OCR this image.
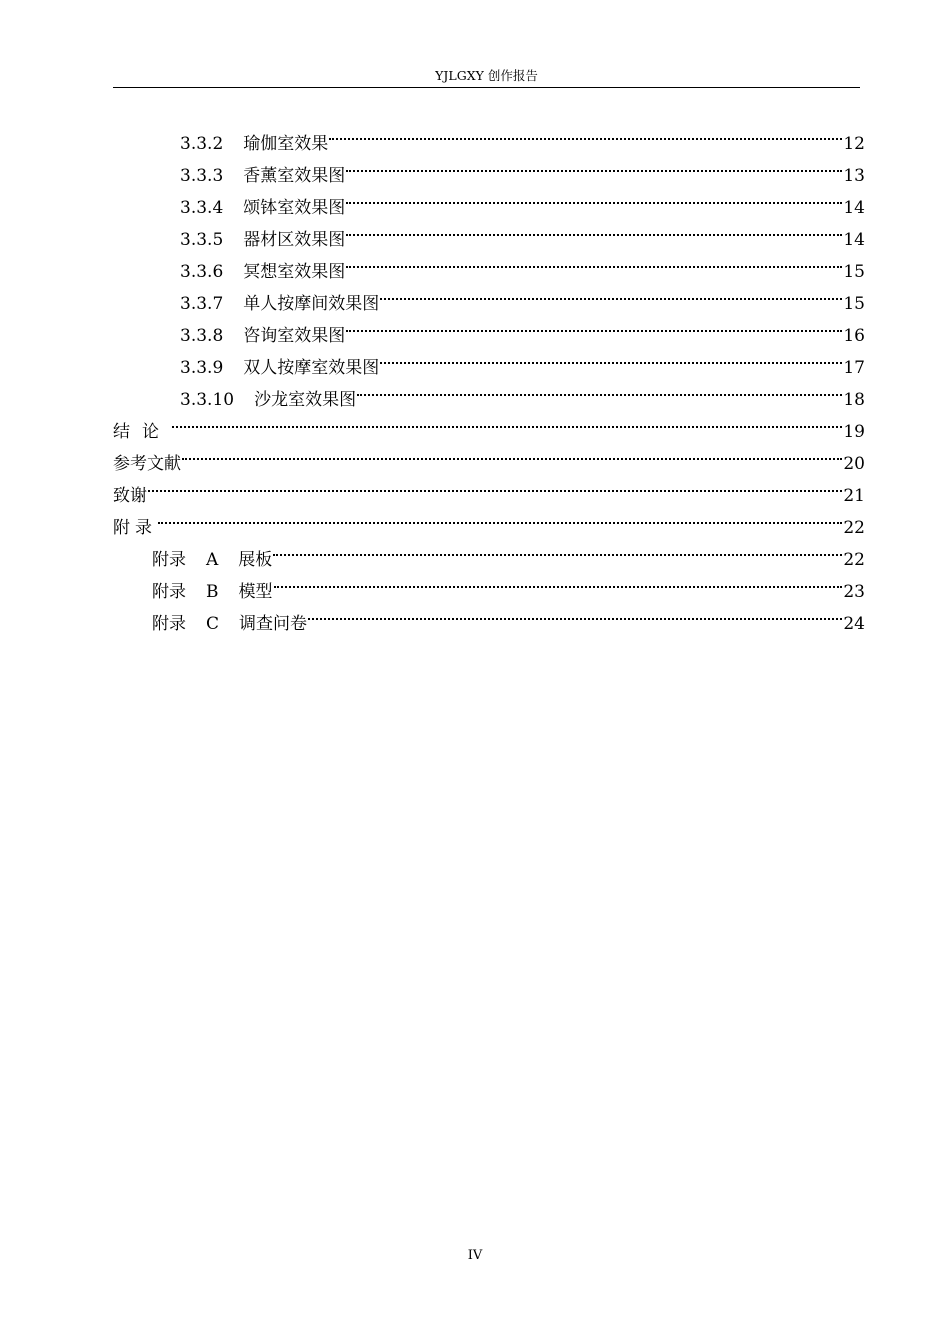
YJLGXY 创作报告
3.3.2 瑜伽室效果	12
3.3.3 香薰室效果图	13
3.3.4 颂钵室效果图	14
3.3.5 器材区效果图	14
3.3.6 冥想室效果图	15
3.3.7 单人按摩间效果图	15
3.3.8 咨询室效果图	16
3.3.9 双人按摩室效果图	17
3.3.10 沙龙室效果图	18
结论	19
参考文献	20
致谢	21
附录	22
附录 A 展板	22
附录 B 模型	23
附录 C 调查问卷	24
IV
